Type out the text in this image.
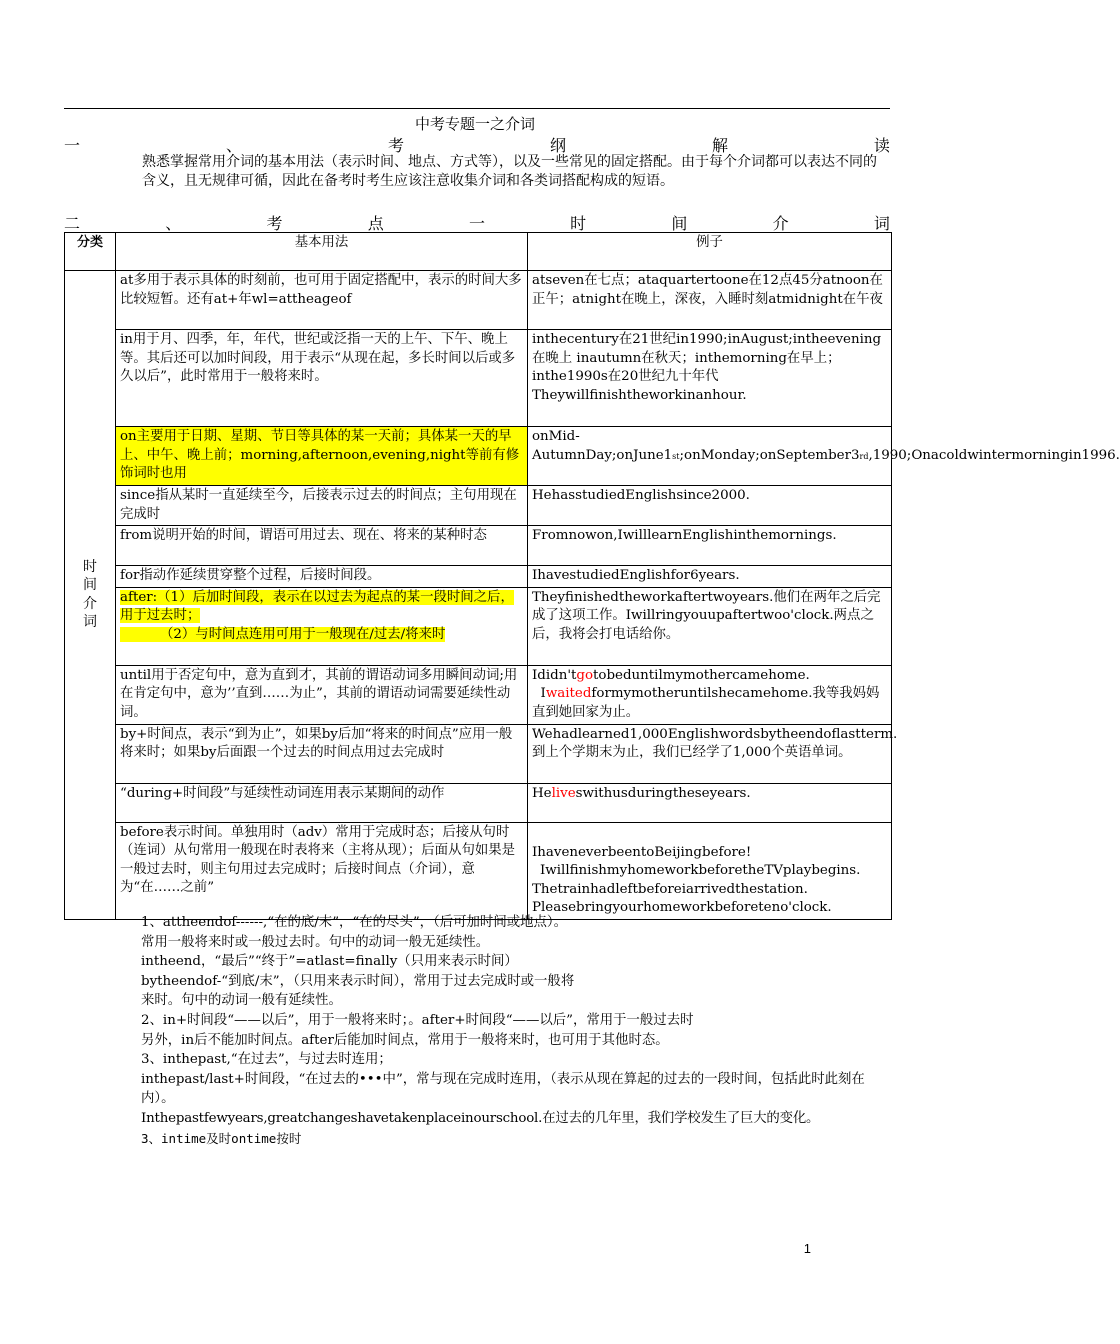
中考专题一之介词
一	、	考	纲	解	读
熟悉掌握常用介词的基本用法（表示时间、地点、方式等），以及一些常见的固定搭配。由于每个介词都可以表达不同的含义，且无规律可循，因此在备考时考生应该注意收集介词和各类词搭配构成的短语。
二	、	考	点	一	时	间	介	词
分类	基本用法	例子

时间介词	at多用于表示具体的时刻前，也可用于固定搭配中，表示的时间大多比较短暂。还有at+年wl=attheageof	atseven在七点；ataquartertoone在12点45分atnoon在正午；atnight在晚上，深夜，入睡时刻atmidnight在午夜
	in用于月、四季，年，年代，世纪或泛指一天的上午、下午、晚上等。其后还可以加时间段，用于表示“从现在起，多长时间以后或多久以后”，此时常用于一般将来时。	inthecentury在21世纪in1990;inAugust;intheevening在晚上 inautumn在秋天；inthemorning在早上；inthe1990s在20世纪九十年代Theywillfinishtheworkinanhour.
	on主要用于日期、星期、节日等具体的某一天前；具体某一天的早上、中午、晚上前；morning,afternoon,evening,night等前有修饰词时也用	onMid-AutumnDay;onJune1st;onMonday;onSeptember3rd,1990;Onacoldwintermorningin1996.
	since指从某时一直延续至今，后接表示过去的时间点；主句用现在完成时	HehasstudiedEnglishsince2000.
	from说明开始的时间，谓语可用过去、现在、将来的某种时态	Fromnowon,IwilllearnEnglishinthemornings.
	for指动作延续贯穿整个过程，后接时间段。	IhavestudiedEnglishfor6years.
	after:（1）后加时间段，表示在以过去为起点的某一段时间之后，用于过去时；
（2）与时间点连用可用于一般现在/过去/将来时	Theyfinishedtheworkaftertwoyears.他们在两年之后完成了这项工作。Iwillringyouupaftertwoo'clock.两点之后，我将会打电话给你。
	until用于否定句中，意为直到才，其前的谓语动词多用瞬间动词;用在肯定句中，意为’’直到……为止”，其前的谓语动词需要延续性动词。	Ididn'tgotobeduntilmymothercamehome.
Iwaitedformymotheruntilshecamehome.我等我妈妈直到她回家为止。
	by+时间点，表示“到为止”，如果by后加“将来的时间点”应用一般将来时；如果by后面跟一个过去的时间点用过去完成时	Wehadlearned1,000Englishwordsbytheendoflastterm.到上个学期末为止，我们已经学了1,000个英语单词。
	“during+时间段”与延续性动词连用表示某期间的动作	Heliveswithusduringtheseyears.
	before表示时间。单独用时（adv）常用于完成时态；后接从句时（连词）从句常用一般现在时表将来（主将从现）；后面从句如果是一般过去时，则主句用过去完成时；后接时间点（介词），意为“在……之前”	IhaveneverbeentoBeijingbefore!
IwillfinishmyhomeworkbeforetheTVplaybegins.
Thetrainhadleftbeforeiarrivedthestation.
Pleasebringyourhomeworkbeforeteno'clock.
1、attheendof------,“在的底/末”，“在的尽头”，（后可加时间或地点）。
常用一般将来时或一般过去时。句中的动词一般无延续性。
intheend，“最后”“终于”=atlast=finally（只用来表示时间）
bytheendof-“到底/末”，（只用来表示时间），常用于过去完成时或一般将
来时。句中的动词一般有延续性。
2、in+时间段“——以后”，用于一般将来时；。after+时间段“——以后”，常用于一般过去时
另外，in后不能加时间点。after后能加时间点，常用于一般将来时，也可用于其他时态。
3、inthepast,“在过去”，与过去时连用；
inthepast/last+时间段，“在过去的•••中”，常与现在完成时连用，（表示从现在算起的过去的一段时间，包括此时此刻在内）。
Inthepastfewyears,greatchangeshavetakenplaceinourschool.在过去的几年里，我们学校发生了巨大的变化。
3、intime及时ontime按时
1
